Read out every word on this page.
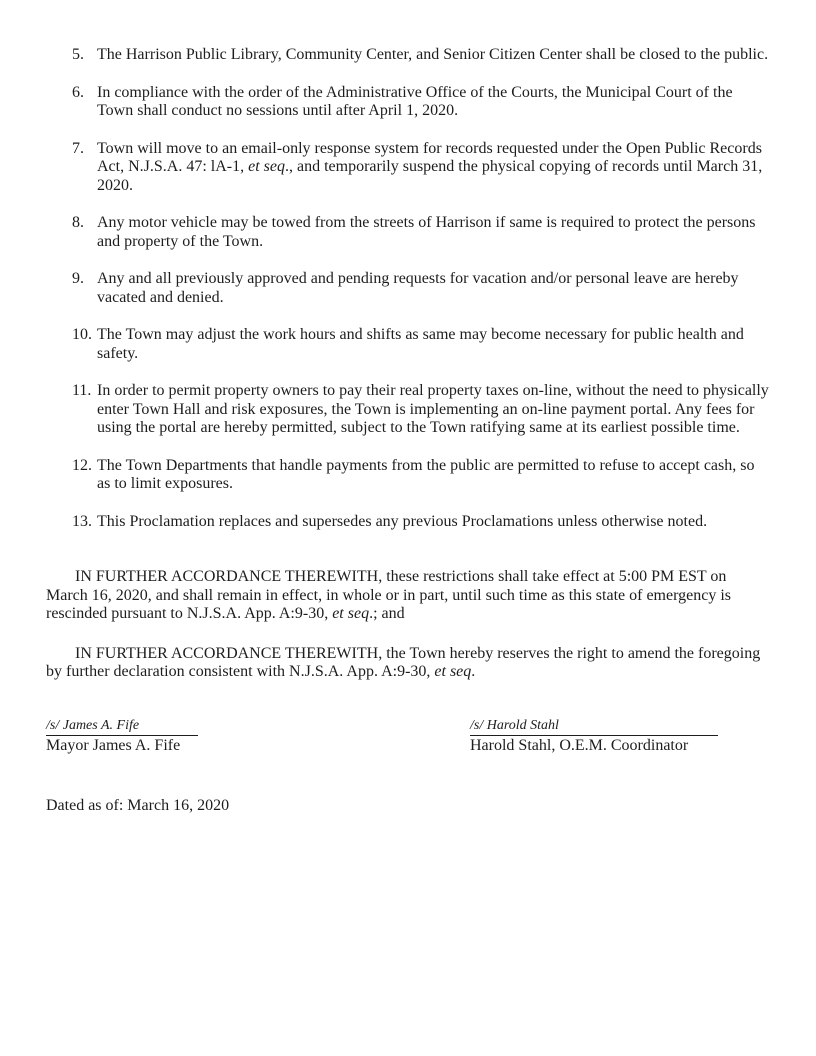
5. The Harrison Public Library, Community Center, and Senior Citizen Center shall be closed to the public.
6. In compliance with the order of the Administrative Office of the Courts, the Municipal Court of the Town shall conduct no sessions until after April 1, 2020.
7. Town will move to an email-only response system for records requested under the Open Public Records Act, N.J.S.A. 47: lA-1, et seq., and temporarily suspend the physical copying of records until March 31, 2020.
8. Any motor vehicle may be towed from the streets of Harrison if same is required to protect the persons and property of the Town.
9. Any and all previously approved and pending requests for vacation and/or personal leave are hereby vacated and denied.
10. The Town may adjust the work hours and shifts as same may become necessary for public health and safety.
11. In order to permit property owners to pay their real property taxes on-line, without the need to physically enter Town Hall and risk exposures, the Town is implementing an on-line payment portal. Any fees for using the portal are hereby permitted, subject to the Town ratifying same at its earliest possible time.
12. The Town Departments that handle payments from the public are permitted to refuse to accept cash, so as to limit exposures.
13. This Proclamation replaces and supersedes any previous Proclamations unless otherwise noted.

IN FURTHER ACCORDANCE THEREWITH, these restrictions shall take effect at 5:00 PM EST on March 16, 2020, and shall remain in effect, in whole or in part, until such time as this state of emergency is rescinded pursuant to N.J.S.A. App. A:9-30, et seq.; and

IN FURTHER ACCORDANCE THEREWITH, the Town hereby reserves the right to amend the foregoing by further declaration consistent with N.J.S.A. App. A:9-30, et seq.

/s/ James A. Fife
Mayor James A. Fife
/s/ Harold Stahl
Harold Stahl, O.E.M. Coordinator
Dated as of: March 16, 2020
